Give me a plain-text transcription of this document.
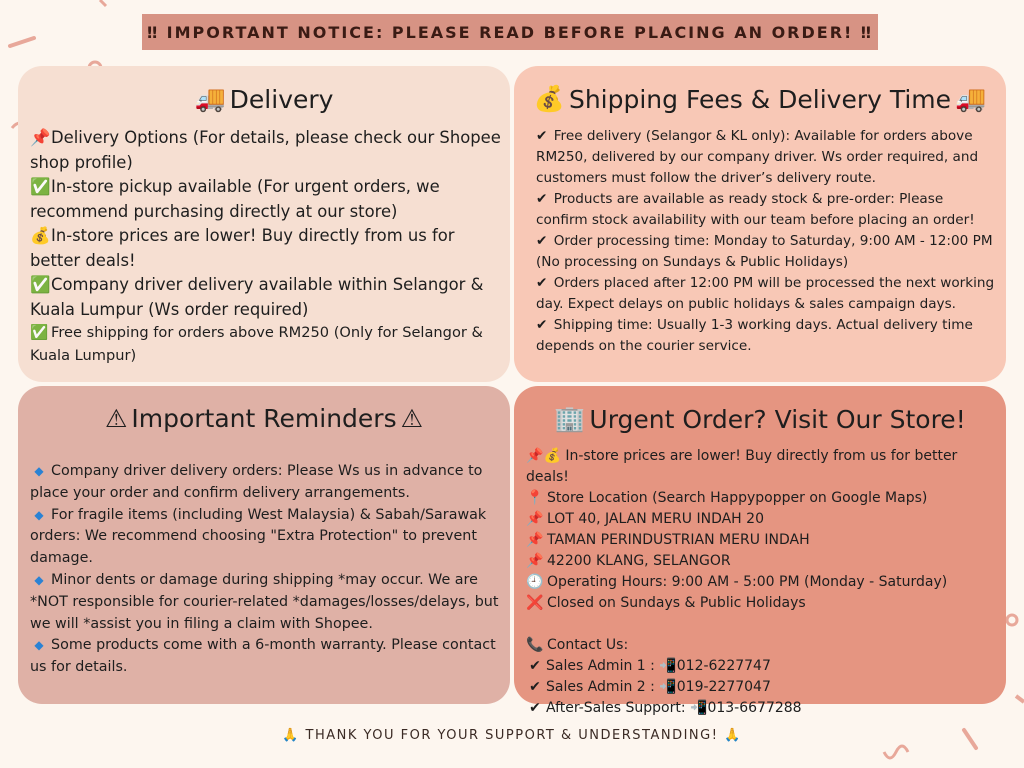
‼ IMPORTANT NOTICE: PLEASE READ BEFORE PLACING AN ORDER! ‼
🚚 Delivery
📌Delivery Options (For details, please check our Shopee shop profile)
✅In-store pickup available (For urgent orders, we recommend purchasing directly at our store)
💰In-store prices are lower! Buy directly from us for better deals!
✅Company driver delivery available within Selangor & Kuala Lumpur (Ws order required)
✅ Free shipping for orders above RM250 (Only for Selangor & Kuala Lumpur)
💰 Shipping Fees & Delivery Time 🚚
✔ Free delivery (Selangor & KL only): Available for orders above RM250, delivered by our company driver. Ws order required, and customers must follow the driver’s delivery route.
✔ Products are available as ready stock & pre-order: Please confirm stock availability with our team before placing an order!
✔ Order processing time: Monday to Saturday, 9:00 AM - 12:00 PM (No processing on Sundays & Public Holidays)
✔ Orders placed after 12:00 PM will be processed the next working day. Expect delays on public holidays & sales campaign days.
✔ Shipping time: Usually 1-3 working days. Actual delivery time depends on the courier service.
⚠ Important Reminders ⚠
◆ Company driver delivery orders: Please Ws us in advance to place your order and confirm delivery arrangements.
◆ For fragile items (including West Malaysia) & Sabah/Sarawak orders: We recommend choosing "Extra Protection" to prevent damage.
◆ Minor dents or damage during shipping *may occur. We are *NOT responsible for courier-related *damages/losses/delays, but we will *assist you in filing a claim with Shopee.
◆ Some products come with a 6-month warranty. Please contact us for details.
🏢 Urgent Order? Visit Our Store!
📌💰 In-store prices are lower! Buy directly from us for better deals!
📍 Store Location (Search Happypopper on Google Maps)
📌 LOT 40, JALAN MERU INDAH 20
📌 TAMAN PERINDUSTRIAN MERU INDAH
📌 42200 KLANG, SELANGOR
🕘 Operating Hours: 9:00 AM - 5:00 PM (Monday - Saturday)
❌ Closed on Sundays & Public Holidays
📞 Contact Us:
✔ Sales Admin 1 : 📲012-6227747
✔ Sales Admin 2 : 📲019-2277047
✔ After-Sales Support: 📲013-6677288
🙏 THANK YOU FOR YOUR SUPPORT & UNDERSTANDING! 🙏
